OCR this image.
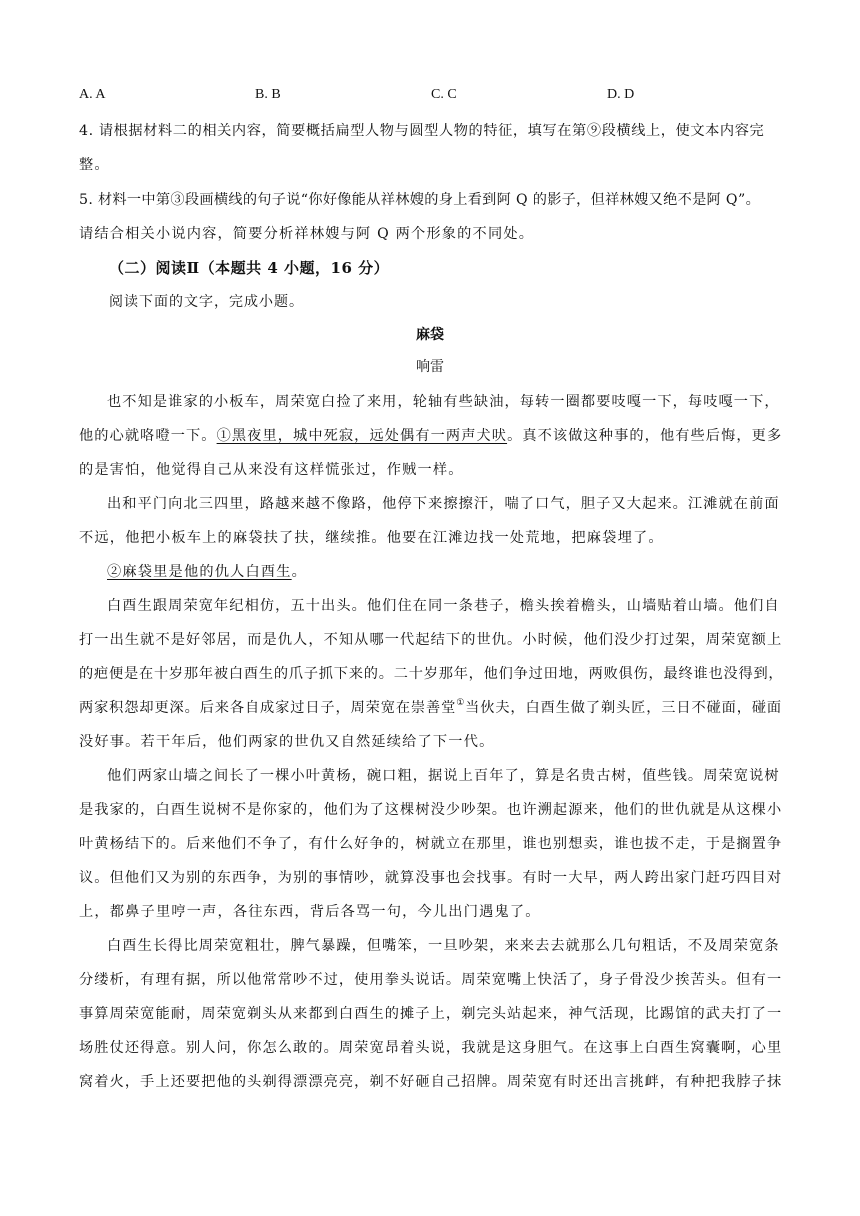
A. A	B. B	C. C	D. D
4. 请根据材料二的相关内容，简要概括扁型人物与圆型人物的特征，填写在第⑨段横线上，使文本内容完
整。
5. 材料一中第③段画横线的句子说“你好像能从祥林嫂的身上看到阿 Q 的影子，但祥林嫂又绝不是阿 Q”。
请结合相关小说内容，简要分析祥林嫂与阿 Q 两个形象的不同处。
（二）阅读Ⅱ（本题共 4 小题，16 分）
阅读下面的文字，完成小题。
麻袋
响雷
也不知是谁家的小板车，周荣宽白捡了来用，轮轴有些缺油，每转一圈都要吱嘎一下，每吱嘎一下，
他的心就咯噔一下。①黑夜里，城中死寂，远处偶有一两声犬吠。真不该做这种事的，他有些后悔，更多
的是害怕，他觉得自己从来没有这样慌张过，作贼一样。
出和平门向北三四里，路越来越不像路，他停下来擦擦汗，喘了口气，胆子又大起来。江滩就在前面
不远，他把小板车上的麻袋扶了扶，继续推。他要在江滩边找一处荒地，把麻袋埋了。
②麻袋里是他的仇人白酉生。
白酉生跟周荣宽年纪相仿，五十出头。他们住在同一条巷子，檐头挨着檐头，山墙贴着山墙。他们自
打一出生就不是好邻居，而是仇人，不知从哪一代起结下的世仇。小时候，他们没少打过架，周荣宽额上
的疤便是在十岁那年被白酉生的爪子抓下来的。二十岁那年，他们争过田地，两败俱伤，最终谁也没得到，
两家积怨却更深。后来各自成家过日子，周荣宽在崇善堂①当伙夫，白酉生做了剃头匠，三日不碰面，碰面
没好事。若干年后，他们两家的世仇又自然延续给了下一代。
他们两家山墙之间长了一棵小叶黄杨，碗口粗，据说上百年了，算是名贵古树，值些钱。周荣宽说树
是我家的，白酉生说树不是你家的，他们为了这棵树没少吵架。也许溯起源来，他们的世仇就是从这棵小
叶黄杨结下的。后来他们不争了，有什么好争的，树就立在那里，谁也别想卖，谁也拔不走，于是搁置争
议。但他们又为别的东西争，为别的事情吵，就算没事也会找事。有时一大早，两人跨出家门赶巧四目对
上，都鼻子里哼一声，各往东西，背后各骂一句，今儿出门遇鬼了。
白酉生长得比周荣宽粗壮，脾气暴躁，但嘴笨，一旦吵架，来来去去就那么几句粗话，不及周荣宽条
分缕析，有理有据，所以他常常吵不过，使用拳头说话。周荣宽嘴上快活了，身子骨没少挨苦头。但有一
事算周荣宽能耐，周荣宽剃头从来都到白酉生的摊子上，剃完头站起来，神气活现，比踢馆的武夫打了一
场胜仗还得意。别人问，你怎么敢的。周荣宽昂着头说，我就是这身胆气。在这事上白酉生窝囊啊，心里
窝着火，手上还要把他的头剃得漂漂亮亮，剃不好砸自己招牌。周荣宽有时还出言挑衅，有种把我脖子抹
